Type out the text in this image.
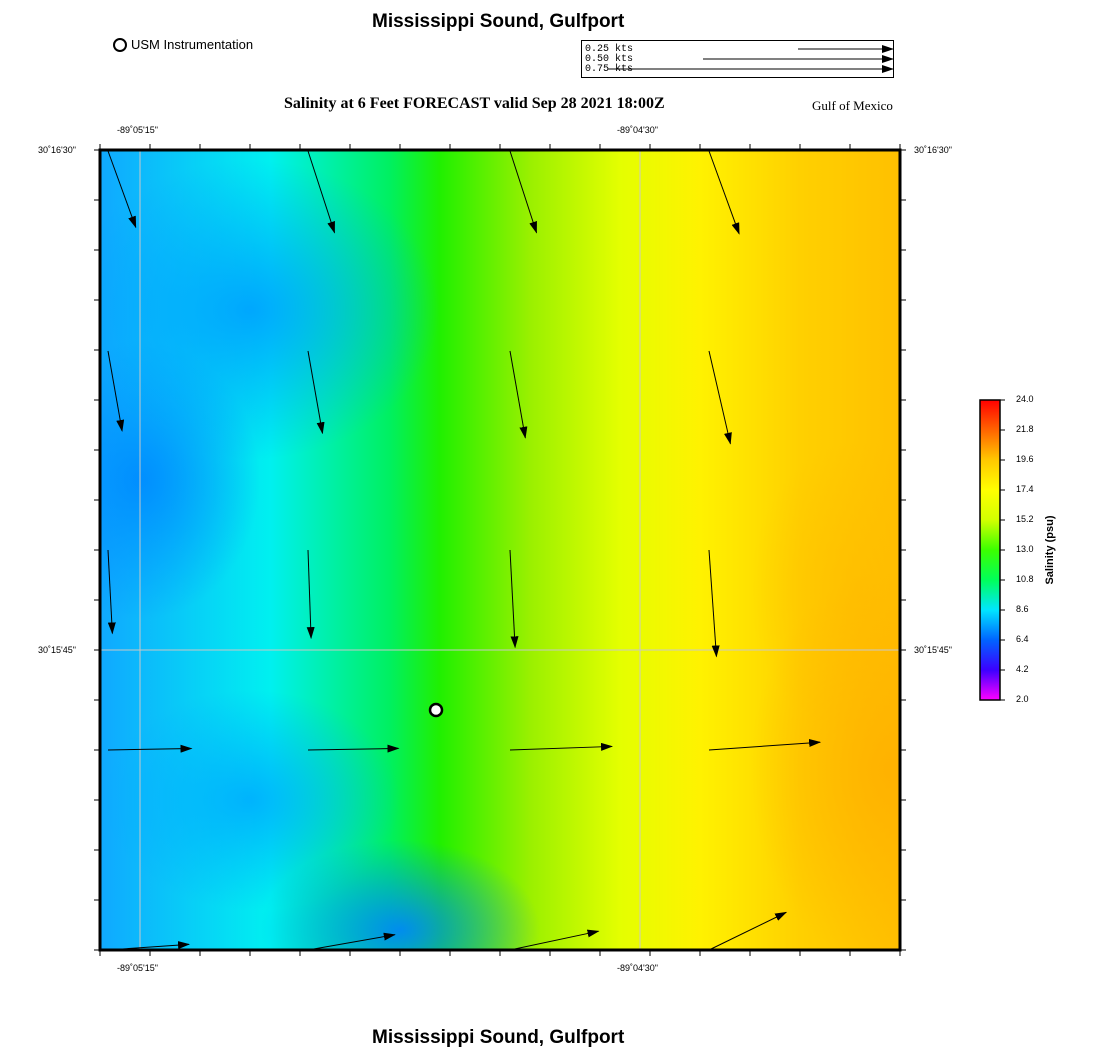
Mississippi Sound, Gulfport
USM Instrumentation	0.25 kts
0.50 kts
0.75 kts
Salinity at 6 Feet FORECAST valid Sep 28 2021 18:00Z	Gulf of Mexico
-89˚05'15"	-89˚04'30"
-89˚05'15"	-89˚04'30"
30˚16'30"
30˚15'45"
30˚16'30"
30˚15'45"
24.0
21.8
19.6
17.4
15.2
13.0
10.8
8.6
6.4
4.2
2.0
Salinity (psu)
Mississippi Sound, Gulfport
